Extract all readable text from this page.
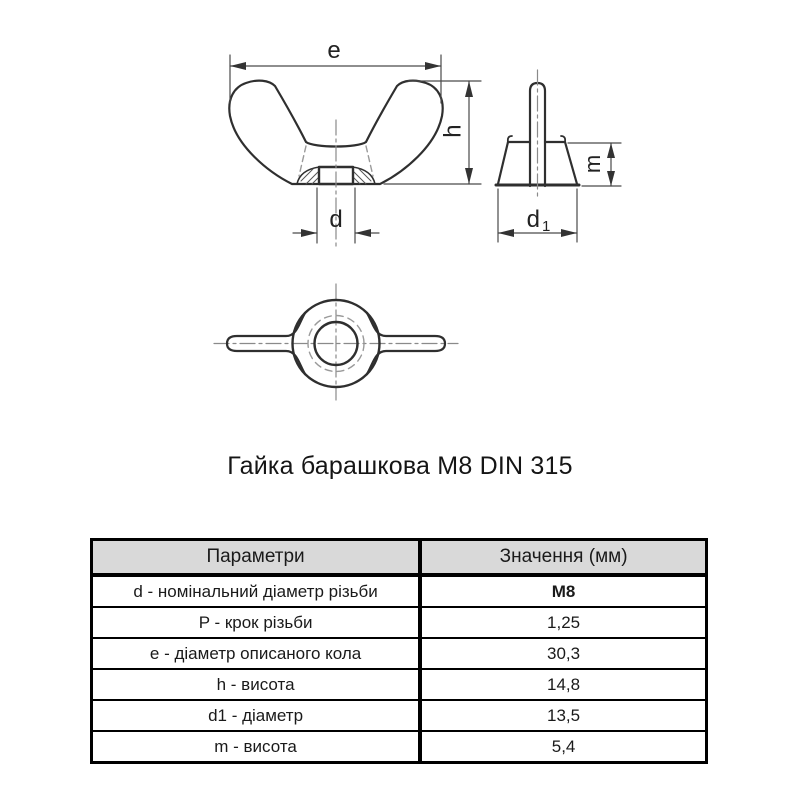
e
h
d
m
d 1
Гайка барашкова М8 DIN 315
Параметри	Значення (мм)
d - номінальний діаметр різьби	М8
P - крок різьби	1,25
е - діаметр описаного кола	30,3
h - висота	14,8
d1 - діаметр	13,5
m - висота	5,4
